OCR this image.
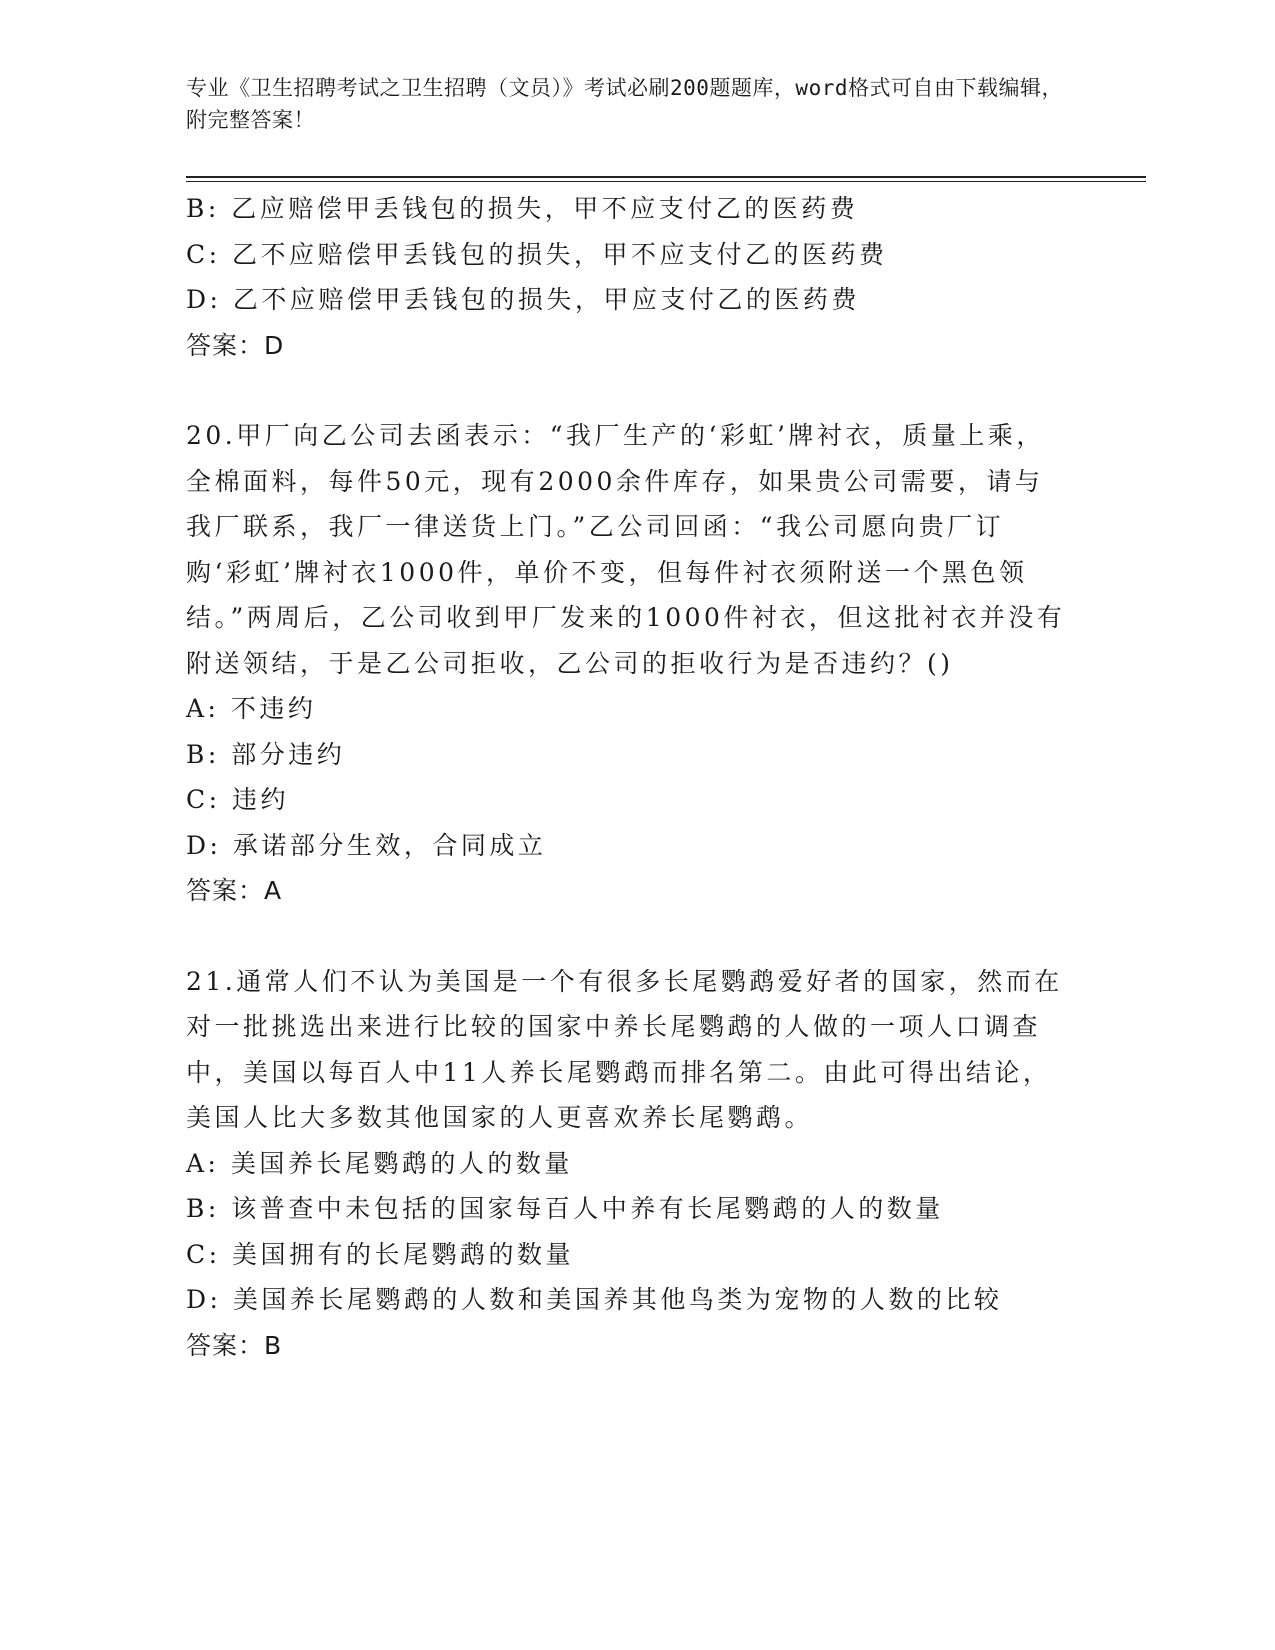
专业《卫生招聘考试之卫生招聘（文员）》考试必刷200题题库，word格式可自由下载编辑，附完整答案！
B: 乙应赔偿甲丢钱包的损失，甲不应支付乙的医药费
C: 乙不应赔偿甲丢钱包的损失，甲不应支付乙的医药费
D: 乙不应赔偿甲丢钱包的损失，甲应支付乙的医药费
答案：D
20.甲厂向乙公司去函表示：“我厂生产的‘彩虹’牌衬衣，质量上乘，全棉面料，每件50元，现有2000余件库存，如果贵公司需要，请与我厂联系，我厂一律送货上门。”乙公司回函：“我公司愿向贵厂订购‘彩虹’牌衬衣1000件，单价不变，但每件衬衣须附送一个黑色领结。”两周后，乙公司收到甲厂发来的1000件衬衣，但这批衬衣并没有附送领结，于是乙公司拒收，乙公司的拒收行为是否违约？()
A: 不违约
B: 部分违约
C: 违约
D: 承诺部分生效，合同成立
答案：A
21.通常人们不认为美国是一个有很多长尾鹦鹉爱好者的国家，然而在对一批挑选出来进行比较的国家中养长尾鹦鹉的人做的一项人口调查中，美国以每百人中11人养长尾鹦鹉而排名第二。由此可得出结论，美国人比大多数其他国家的人更喜欢养长尾鹦鹉。
A: 美国养长尾鹦鹉的人的数量
B: 该普查中未包括的国家每百人中养有长尾鹦鹉的人的数量
C: 美国拥有的长尾鹦鹉的数量
D: 美国养长尾鹦鹉的人数和美国养其他鸟类为宠物的人数的比较
答案：B
